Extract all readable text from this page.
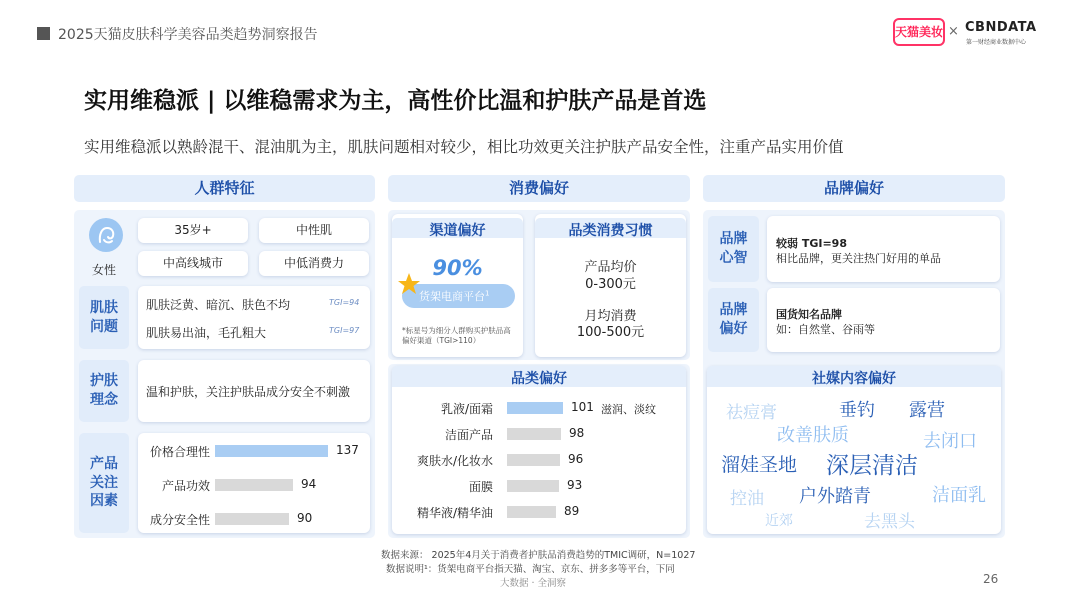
2025天猫皮肤科学美容品类趋势洞察报告	天猫美妆 × CBNDATA
第一财经商业数据中心
实用维稳派 | 以维稳需求为主，高性价比温和护肤产品是首选
实用维稳派以熟龄混干、混油肌为主，肌肤问题相对较少，相比功效更关注护肤产品安全性，注重产品实用价值
人群特征	消费偏好	品牌偏好
女性
35岁+	中性肌
中高线城市	中低消费力
肌肤问题
肌肤泛黄、暗沉、肤色不均	TGI=94
肌肤易出油，毛孔粗大	TGI=97
护肤理念 温和护肤，关注护肤品成分安全不刺激
产品关注因素
价格合理性	137
产品功效	94
成分安全性	90
渠道偏好
90%
货架电商平台$^1$
*标星号为细分人群购买护肤品高偏好渠道（TGI>110）
品类消费习惯
产品均价
0-300元
月均消费
100-500元
品类偏好
乳液/面霜	101 滋润、淡纹
洁面产品	98
爽肤水/化妆水	96
面膜	93
精华液/精华油	89
品牌心智
较弱 TGI=98
相比品牌，更关注热门好用的单品
品牌偏好
国货知名品牌
如：自然堂、谷雨等
社媒内容偏好
祛痘膏	垂钓 露营
改善肤质	去闭口
溜娃圣地 深层清洁
控油 户外踏青	洁面乳
近郊	去黑头
数据来源： 2025年4月关于消费者护肤品消费趋势的TMIC调研，N=1027
数据说明¹：货架电商平台指天猫、淘宝、京东、拼多多等平台，下同
大数据 · 全洞察	26
